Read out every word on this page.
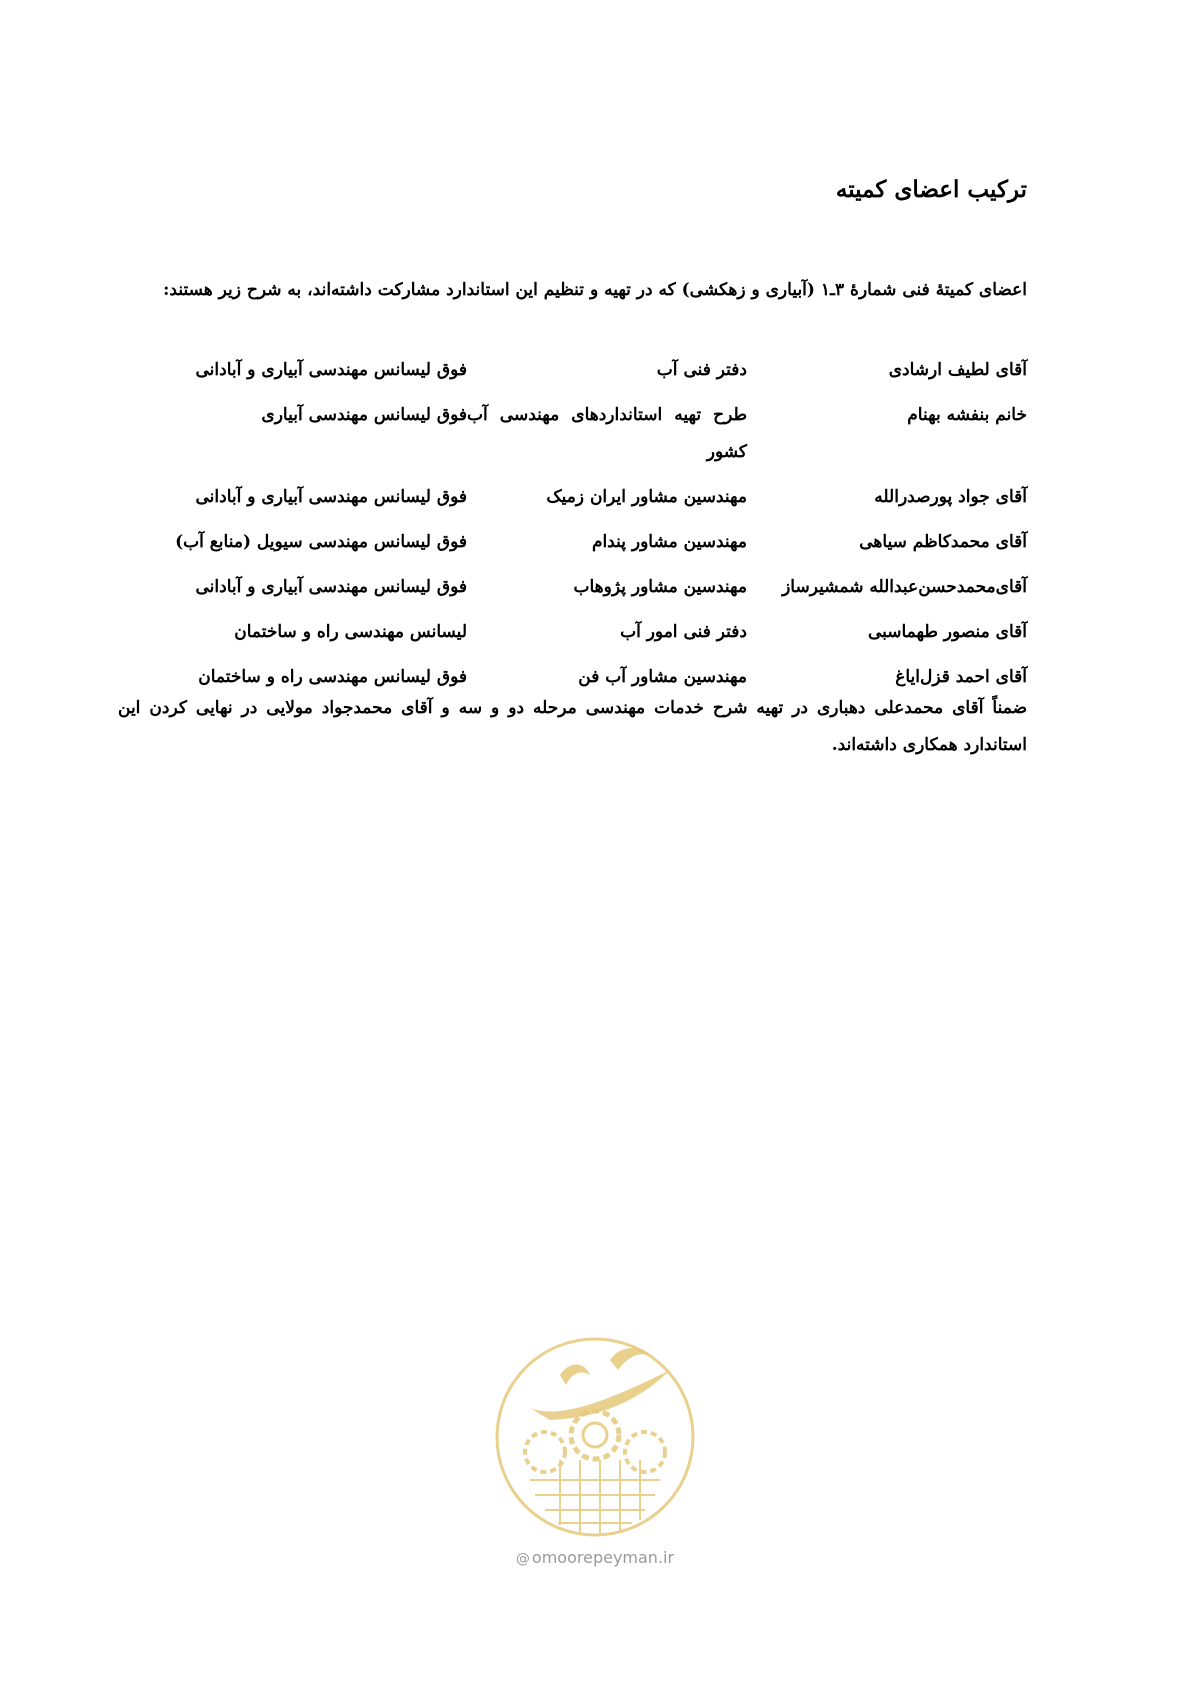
ترکیب اعضای کمیته
اعضای کمیتهٔ فنی شمارهٔ ۳ـ۱ (آبیاری و زهکشی) که در تهیه و تنظیم این استاندارد مشارکت داشته‌اند، به شرح زیر هستند:
آقای لطیف ارشادی
دفتر فنی آب
فوق لیسانس مهندسی آبیاری و آبادانی
خانم بنفشه بهنام
طرح تهیه استانداردهای مهندسی آب کشور
فوق لیسانس مهندسی آبیاری
آقای جواد پورصدرالله
مهندسین مشاور ایران زمیک
فوق لیسانس مهندسی آبیاری و آبادانی
آقای محمدکاظم سیاهی
مهندسین مشاور پندام
فوق لیسانس مهندسی سیویل (منابع آب)
آقای‌محمدحسن‌عبدالله شمشیرساز
مهندسین مشاور پژوهاب
فوق لیسانس مهندسی آبیاری و آبادانی
آقای منصور طهماسبی
دفتر فنی امور آب
لیسانس مهندسی راه و ساختمان
آقای احمد قزل‌ایاغ
مهندسین مشاور آب فن
فوق لیسانس مهندسی راه و ساختمان
ضمناً آقای محمدعلی دهباری در تهیه شرح خدمات مهندسی مرحله دو و سه و آقای محمدجواد مولایی در نهایی کردن این استاندارد همکاری داشته‌اند.
@ omoorepeyman.ir
